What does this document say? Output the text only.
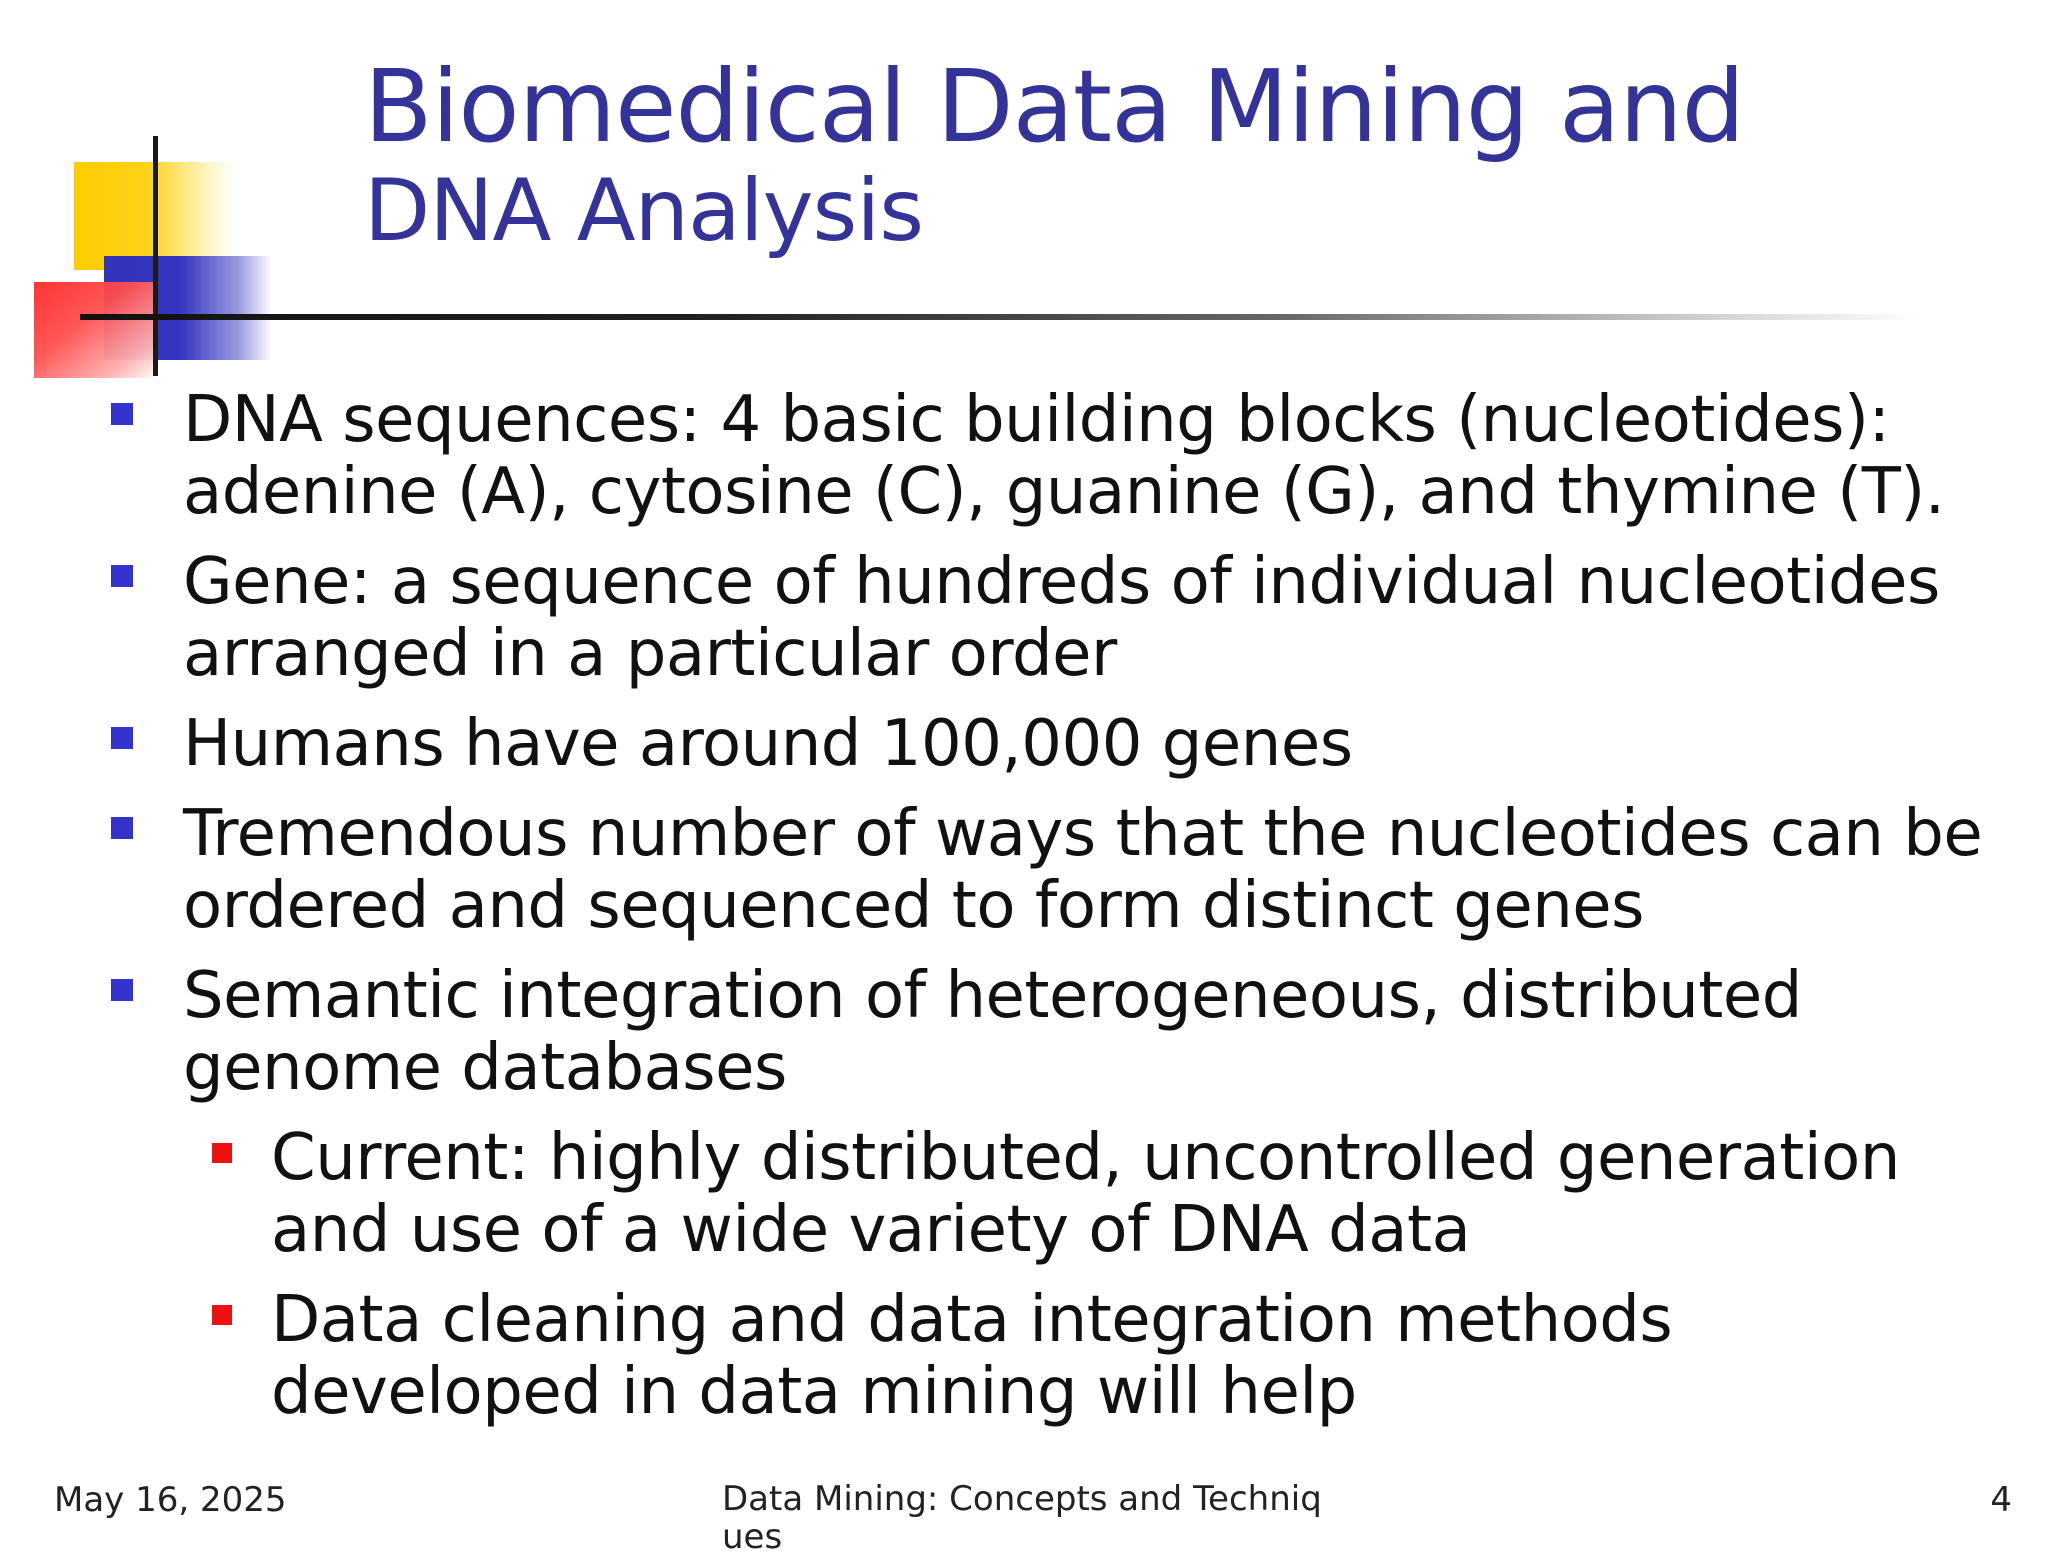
Biomedical Data Mining and
DNA Analysis
DNA sequences: 4 basic building blocks (nucleotides): adenine (A), cytosine (C), guanine (G), and thymine (T).
Gene: a sequence of hundreds of individual nucleotides arranged in a particular order
Humans have around 100,000 genes
Tremendous number of ways that the nucleotides can be ordered and sequenced to form distinct genes
Semantic integration of heterogeneous, distributed genome databases
Current: highly distributed, uncontrolled generation and use of a wide variety of DNA data
Data cleaning and data integration methods developed in data mining will help
May 16, 2025	Data Mining: Concepts and Techniques
4
